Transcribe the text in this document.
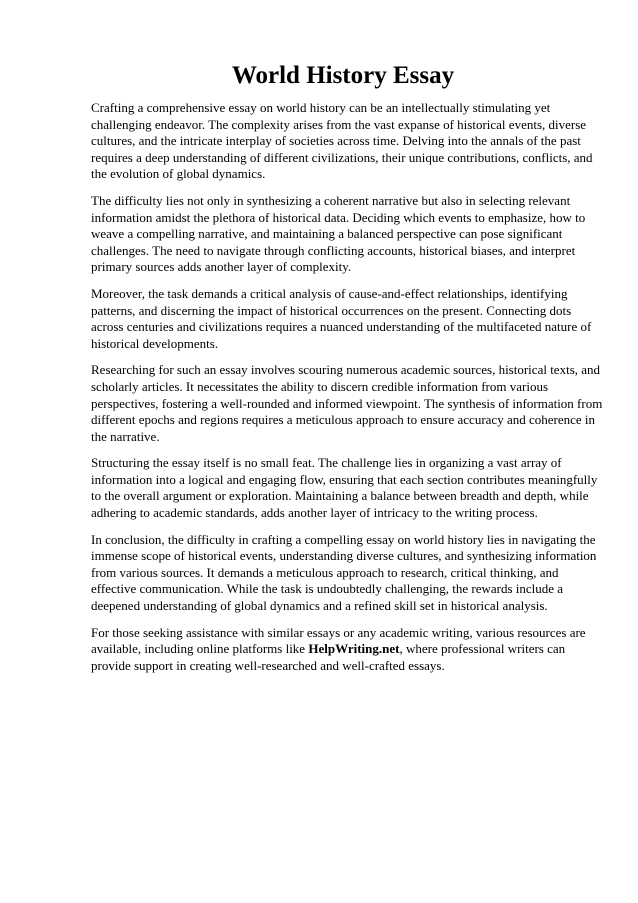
World History Essay

Crafting a comprehensive essay on world history can be an intellectually stimulating yet challenging endeavor. The complexity arises from the vast expanse of historical events, diverse cultures, and the intricate interplay of societies across time. Delving into the annals of the past requires a deep understanding of different civilizations, their unique contributions, conflicts, and the evolution of global dynamics.

The difficulty lies not only in synthesizing a coherent narrative but also in selecting relevant information amidst the plethora of historical data. Deciding which events to emphasize, how to weave a compelling narrative, and maintaining a balanced perspective can pose significant challenges. The need to navigate through conflicting accounts, historical biases, and interpret primary sources adds another layer of complexity.

Moreover, the task demands a critical analysis of cause-and-effect relationships, identifying patterns, and discerning the impact of historical occurrences on the present. Connecting dots across centuries and civilizations requires a nuanced understanding of the multifaceted nature of historical developments.

Researching for such an essay involves scouring numerous academic sources, historical texts, and scholarly articles. It necessitates the ability to discern credible information from various perspectives, fostering a well-rounded and informed viewpoint. The synthesis of information from different epochs and regions requires a meticulous approach to ensure accuracy and coherence in the narrative.

Structuring the essay itself is no small feat. The challenge lies in organizing a vast array of information into a logical and engaging flow, ensuring that each section contributes meaningfully to the overall argument or exploration. Maintaining a balance between breadth and depth, while adhering to academic standards, adds another layer of intricacy to the writing process.

In conclusion, the difficulty in crafting a compelling essay on world history lies in navigating the immense scope of historical events, understanding diverse cultures, and synthesizing information from various sources. It demands a meticulous approach to research, critical thinking, and effective communication. While the task is undoubtedly challenging, the rewards include a deepened understanding of global dynamics and a refined skill set in historical analysis.

For those seeking assistance with similar essays or any academic writing, various resources are available, including online platforms like HelpWriting.net, where professional writers can provide support in creating well-researched and well-crafted essays.
